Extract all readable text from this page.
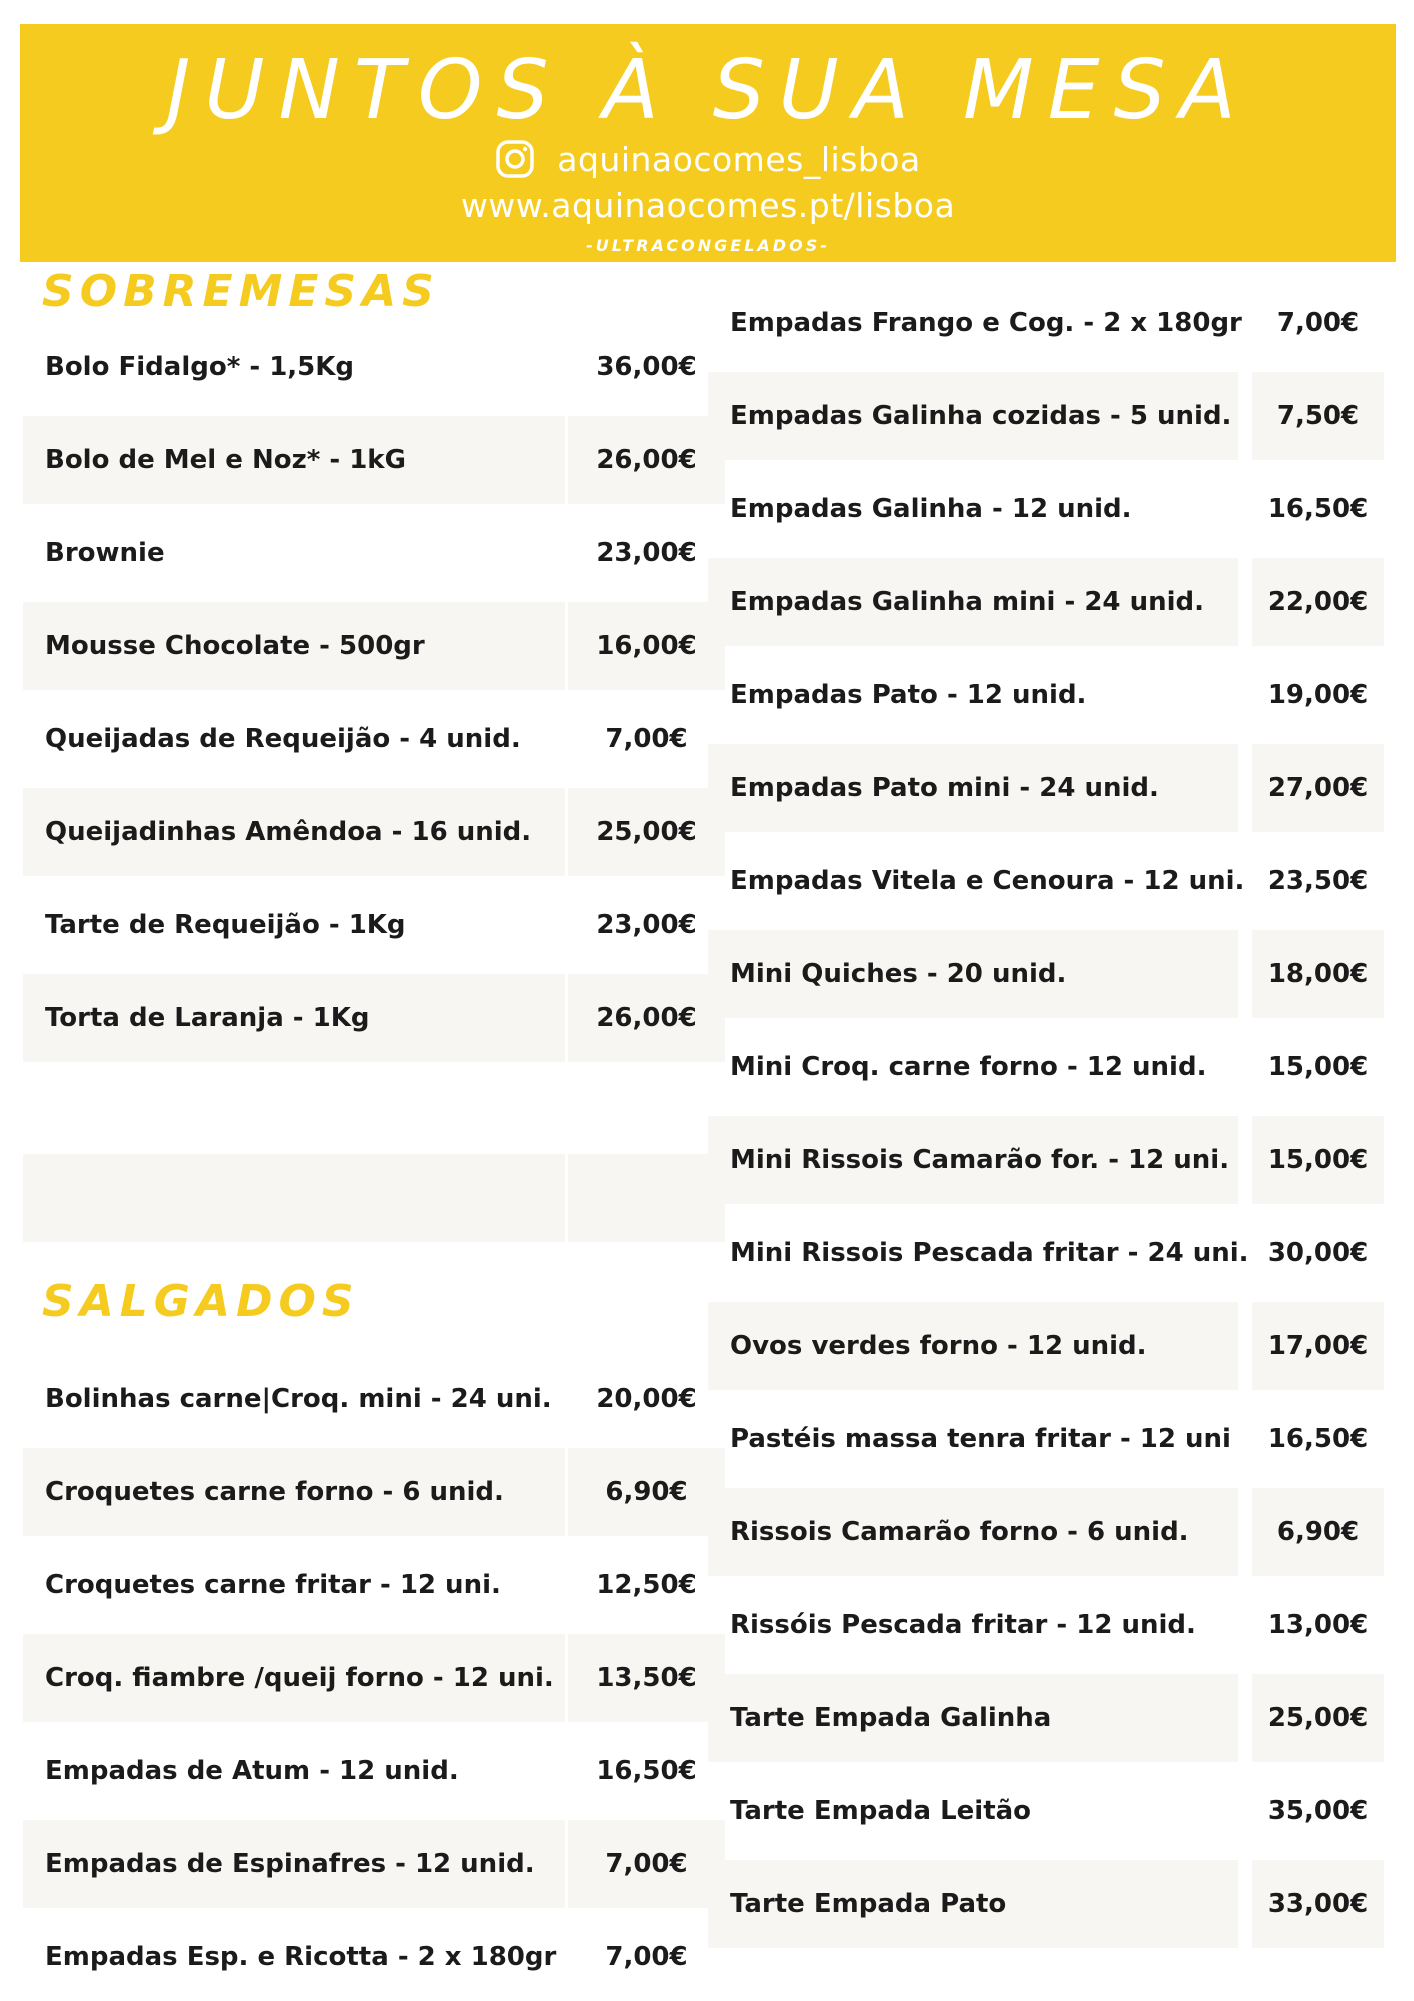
JUNTOS À SUA MESA
aquinaocomes_lisboa
www.aquinaocomes.pt/lisboa
-ULTRACONGELADOS-
SOBREMESAS
SALGADOS
Bolo Fidalgo* - 1,5Kg	36,00€
Bolo de Mel e Noz* - 1kG	26,00€
Brownie	23,00€
Mousse Chocolate - 500gr	16,00€
Queijadas de Requeijão - 4 unid.	7,00€
Queijadinhas Amêndoa - 16 unid.	25,00€
Tarte de Requeijão - 1Kg	23,00€
Torta de Laranja - 1Kg	26,00€
Bolinhas carne|Croq. mini - 24 uni.	20,00€
Croquetes carne forno - 6 unid.	6,90€
Croquetes carne fritar - 12 uni.	12,50€
Croq. fiambre /queij forno - 12 uni.	13,50€
Empadas de Atum - 12 unid.	16,50€
Empadas de Espinafres - 12 unid.	7,00€
Empadas Esp. e Ricotta - 2 x 180gr	7,00€
Empadas Frango e Cog. - 2 x 180gr	7,00€
Empadas Galinha cozidas - 5 unid.	7,50€
Empadas Galinha - 12 unid.	16,50€
Empadas Galinha mini - 24 unid.	22,00€
Empadas Pato - 12 unid.	19,00€
Empadas Pato mini - 24 unid.	27,00€
Empadas Vitela e Cenoura - 12 uni. 23,50€
Mini Quiches - 20 unid.	18,00€
Mini Croq. carne forno - 12 unid.	15,00€
Mini Rissois Camarão for. - 12 uni.	15,00€
Mini Rissois Pescada fritar - 24 uni. 30,00€
Ovos verdes forno - 12 unid.	17,00€
Pastéis massa tenra fritar - 12 uni	16,50€
Rissois Camarão forno - 6 unid.	6,90€
Rissóis Pescada fritar - 12 unid.	13,00€
Tarte Empada Galinha	25,00€
Tarte Empada Leitão	35,00€
Tarte Empada Pato	33,00€
